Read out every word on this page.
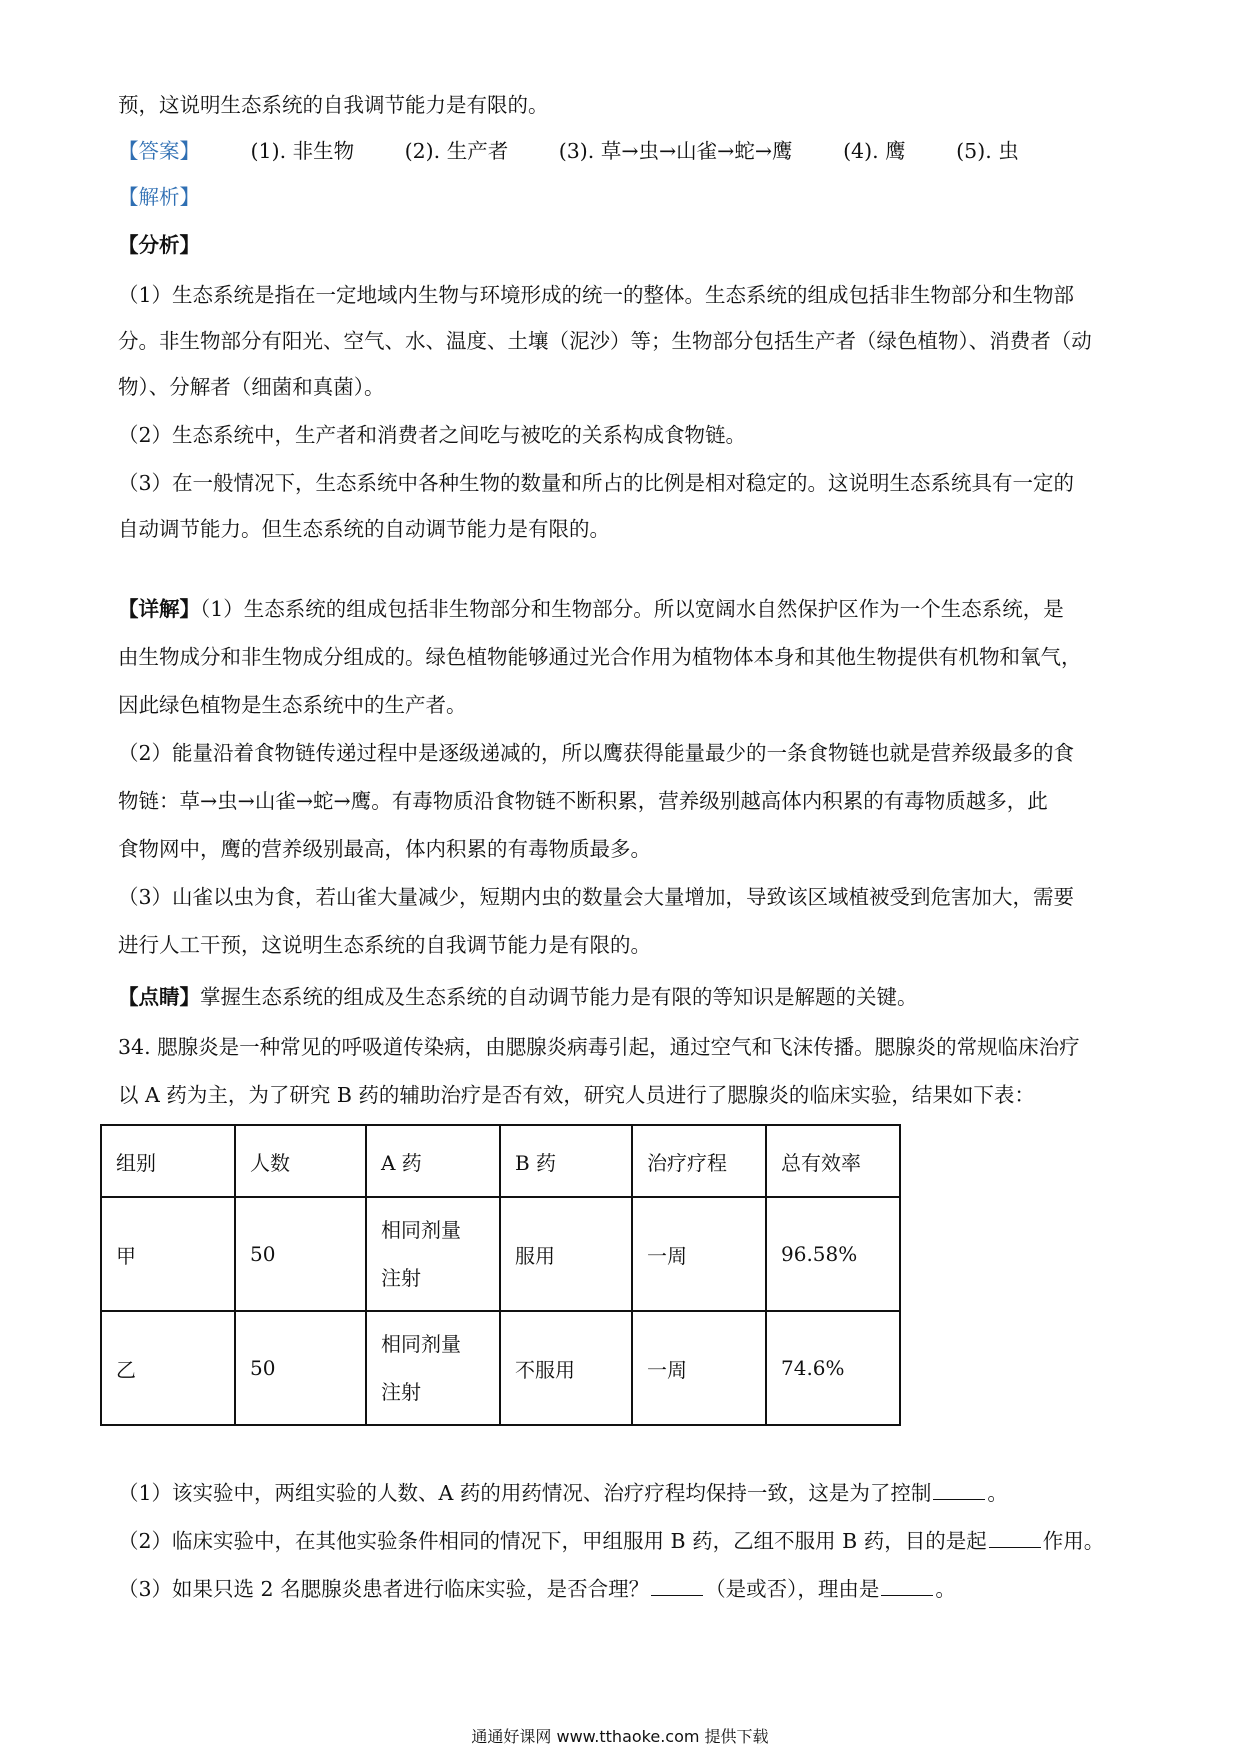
预，这说明生态系统的自我调节能力是有限的。
【答案】 (1). 非生物 (2). 生产者 (3). 草→虫→山雀→蛇→鹰 (4). 鹰 (5). 虫
【解析】
【分析】
（1）生态系统是指在一定地域内生物与环境形成的统一的整体。生态系统的组成包括非生物部分和生物部
分。非生物部分有阳光、空气、水、温度、土壤（泥沙）等；生物部分包括生产者（绿色植物）、消费者（动
物）、分解者（细菌和真菌）。
（2）生态系统中，生产者和消费者之间吃与被吃的关系构成食物链。
（3）在一般情况下，生态系统中各种生物的数量和所占的比例是相对稳定的。这说明生态系统具有一定的
自动调节能力。但生态系统的自动调节能力是有限的。
【详解】（1）生态系统的组成包括非生物部分和生物部分。所以宽阔水自然保护区作为一个生态系统，是
由生物成分和非生物成分组成的。绿色植物能够通过光合作用为植物体本身和其他生物提供有机物和氧气，
因此绿色植物是生态系统中的生产者。
（2）能量沿着食物链传递过程中是逐级递减的，所以鹰获得能量最少的一条食物链也就是营养级最多的食
物链：草→虫→山雀→蛇→鹰。有毒物质沿食物链不断积累，营养级别越高体内积累的有毒物质越多，此
食物网中，鹰的营养级别最高，体内积累的有毒物质最多。
（3）山雀以虫为食，若山雀大量减少，短期内虫的数量会大量增加，导致该区域植被受到危害加大，需要
进行人工干预，这说明生态系统的自我调节能力是有限的。
【点睛】掌握生态系统的组成及生态系统的自动调节能力是有限的等知识是解题的关键。
34. 腮腺炎是一种常见的呼吸道传染病，由腮腺炎病毒引起，通过空气和飞沫传播。腮腺炎的常规临床治疗
以 A 药为主，为了研究 B 药的辅助治疗是否有效，研究人员进行了腮腺炎的临床实验，结果如下表：
组别	人数	A 药	B 药	治疗疗程	总有效率
甲	50	相同剂量
注射	服用	一周	96.58%
乙	50	相同剂量
注射	不服用	一周	74.6%
（1）该实验中，两组实验的人数、A 药的用药情况、治疗疗程均保持一致，这是为了控制	。
（2）临床实验中，在其他实验条件相同的情况下，甲组服用 B 药，乙组不服用 B 药，目的是起	作用。
（3）如果只选 2 名腮腺炎患者进行临床实验，是否合理？	（是或否），理由是	。
通通好课网 www.tthaoke.com 提供下载
